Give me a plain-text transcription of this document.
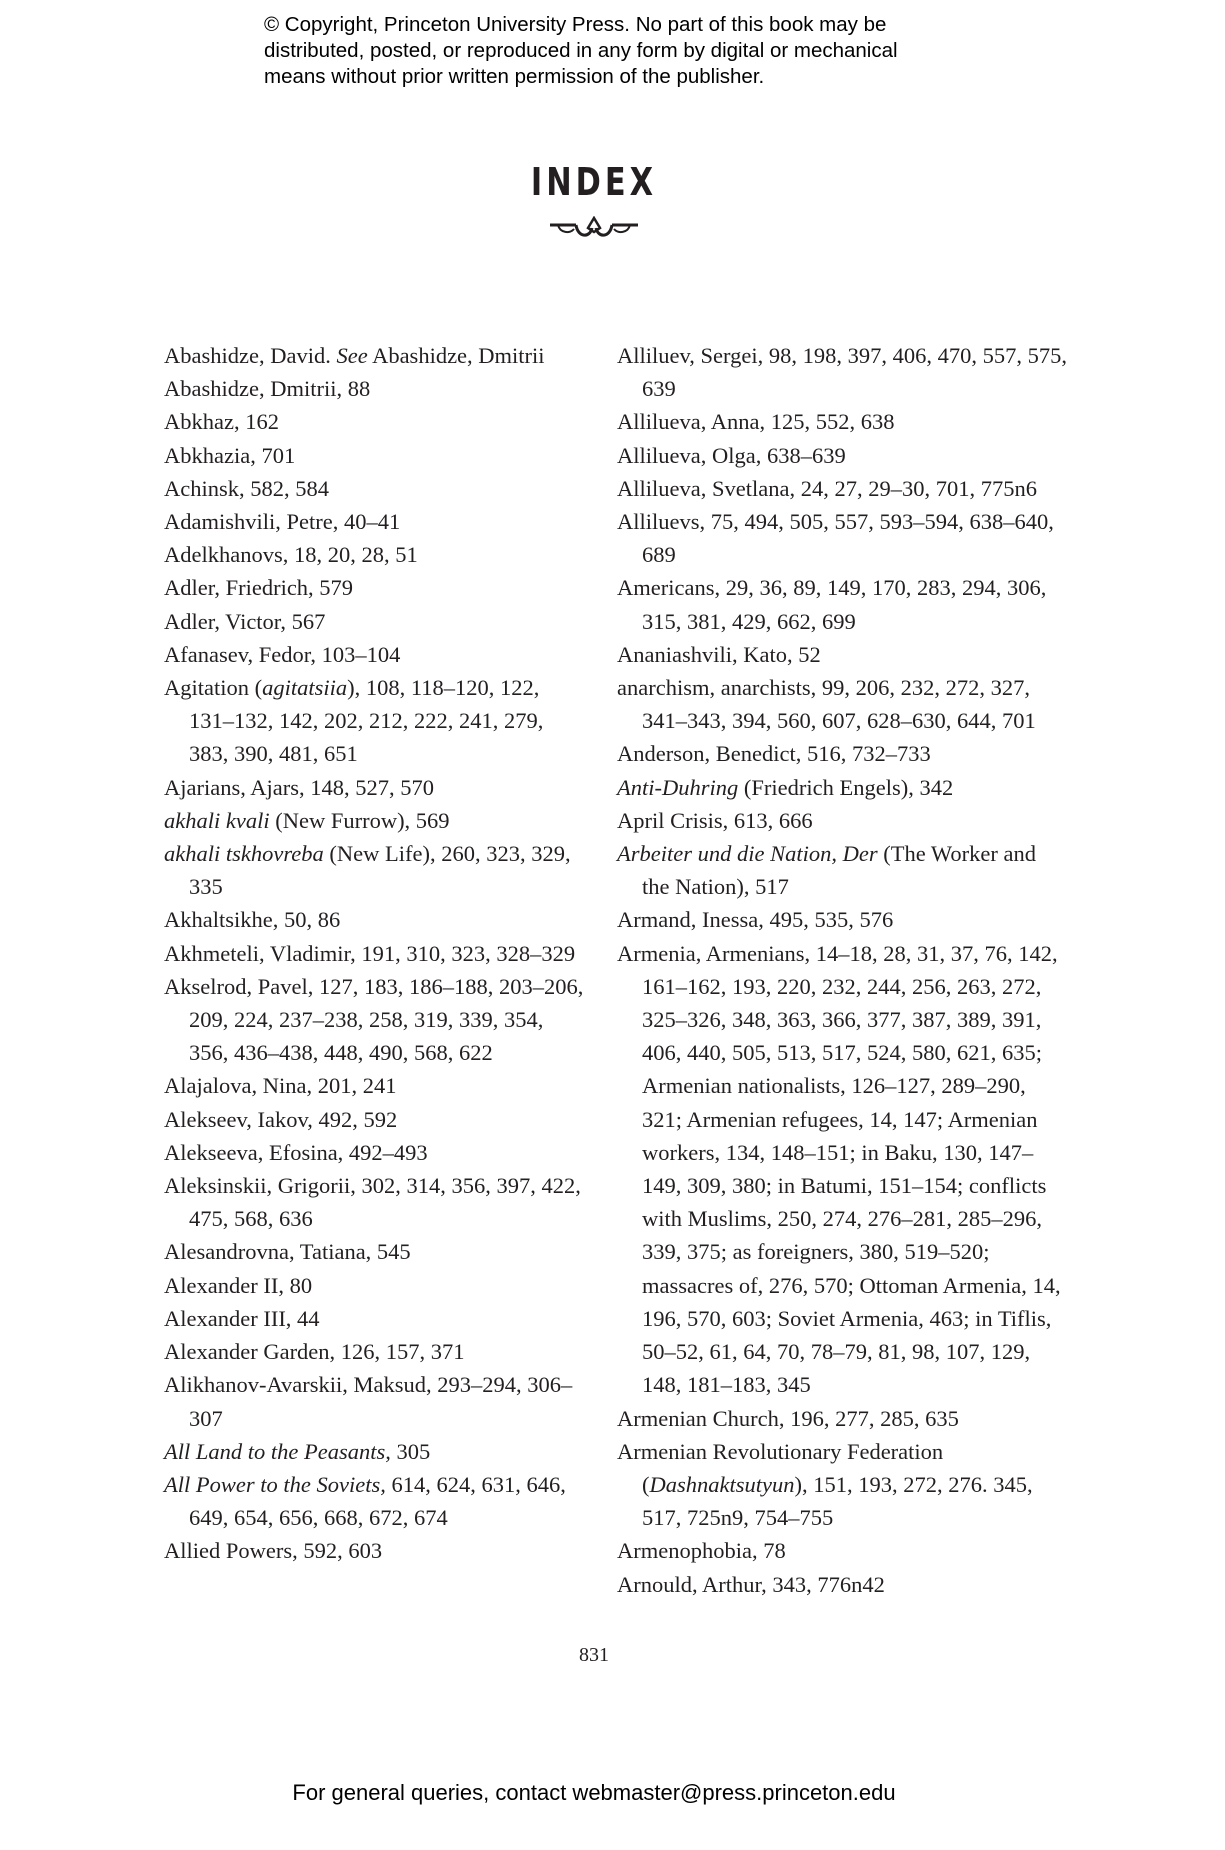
© Copyright, Princeton University Press. No part of this book may be
distributed, posted, or reproduced in any form by digital or mechanical
means without prior written permission of the publisher.
INDEX
Abashidze, David. See Abashidze, Dmitrii
Abashidze, Dmitrii, 88
Abkhaz, 162
Abkhazia, 701
Achinsk, 582, 584
Adamishvili, Petre, 40–41
Adelkhanovs, 18, 20, 28, 51
Adler, Friedrich, 579
Adler, Victor, 567
Afanasev, Fedor, 103–104
Agitation (agitatsiia), 108, 118–120, 122, 131–132, 142, 202, 212, 222, 241, 279, 383, 390, 481, 651
Ajarians, Ajars, 148, 527, 570
akhali kvali (New Furrow), 569
akhali tskhovreba (New Life), 260, 323, 329, 335
Akhaltsikhe, 50, 86
Akhmeteli, Vladimir, 191, 310, 323, 328–329
Akselrod, Pavel, 127, 183, 186–188, 203–206, 209, 224, 237–238, 258, 319, 339, 354, 356, 436–438, 448, 490, 568, 622
Alajalova, Nina, 201, 241
Alekseev, Iakov, 492, 592
Alekseeva, Efosina, 492–493
Aleksinskii, Grigorii, 302, 314, 356, 397, 422, 475, 568, 636
Alesandrovna, Tatiana, 545
Alexander II, 80
Alexander III, 44
Alexander Garden, 126, 157, 371
Alikhanov-Avarskii, Maksud, 293–294, 306–307
All Land to the Peasants, 305
All Power to the Soviets, 614, 624, 631, 646, 649, 654, 656, 668, 672, 674
Allied Powers, 592, 603
Alliluev, Sergei, 98, 198, 397, 406, 470, 557, 575, 639
Allilueva, Anna, 125, 552, 638
Allilueva, Olga, 638–639
Allilueva, Svetlana, 24, 27, 29–30, 701, 775n6
Alliluevs, 75, 494, 505, 557, 593–594, 638–640, 689
Americans, 29, 36, 89, 149, 170, 283, 294, 306, 315, 381, 429, 662, 699
Ananiashvili, Kato, 52
anarchism, anarchists, 99, 206, 232, 272, 327, 341–343, 394, 560, 607, 628–630, 644, 701
Anderson, Benedict, 516, 732–733
Anti-Duhring (Friedrich Engels), 342
April Crisis, 613, 666
Arbeiter und die Nation, Der (The Worker and the Nation), 517
Armand, Inessa, 495, 535, 576
Armenia, Armenians, 14–18, 28, 31, 37, 76, 142, 161–162, 193, 220, 232, 244, 256, 263, 272, 325–326, 348, 363, 366, 377, 387, 389, 391, 406, 440, 505, 513, 517, 524, 580, 621, 635; Armenian nationalists, 126–127, 289–290, 321; Armenian refugees, 14, 147; Armenian workers, 134, 148–151; in Baku, 130, 147–149, 309, 380; in Batumi, 151–154; conflicts with Muslims, 250, 274, 276–281, 285–296, 339, 375; as foreigners, 380, 519–520; massacres of, 276, 570; Ottoman Armenia, 14, 196, 570, 603; Soviet Armenia, 463; in Tiflis, 50–52, 61, 64, 70, 78–79, 81, 98, 107, 129, 148, 181–183, 345
Armenian Church, 196, 277, 285, 635
Armenian Revolutionary Federation (Dashnaktsutyun), 151, 193, 272, 276. 345, 517, 725n9, 754–755
Armenophobia, 78
Arnould, Arthur, 343, 776n42
831
For general queries, contact webmaster@press.princeton.edu
